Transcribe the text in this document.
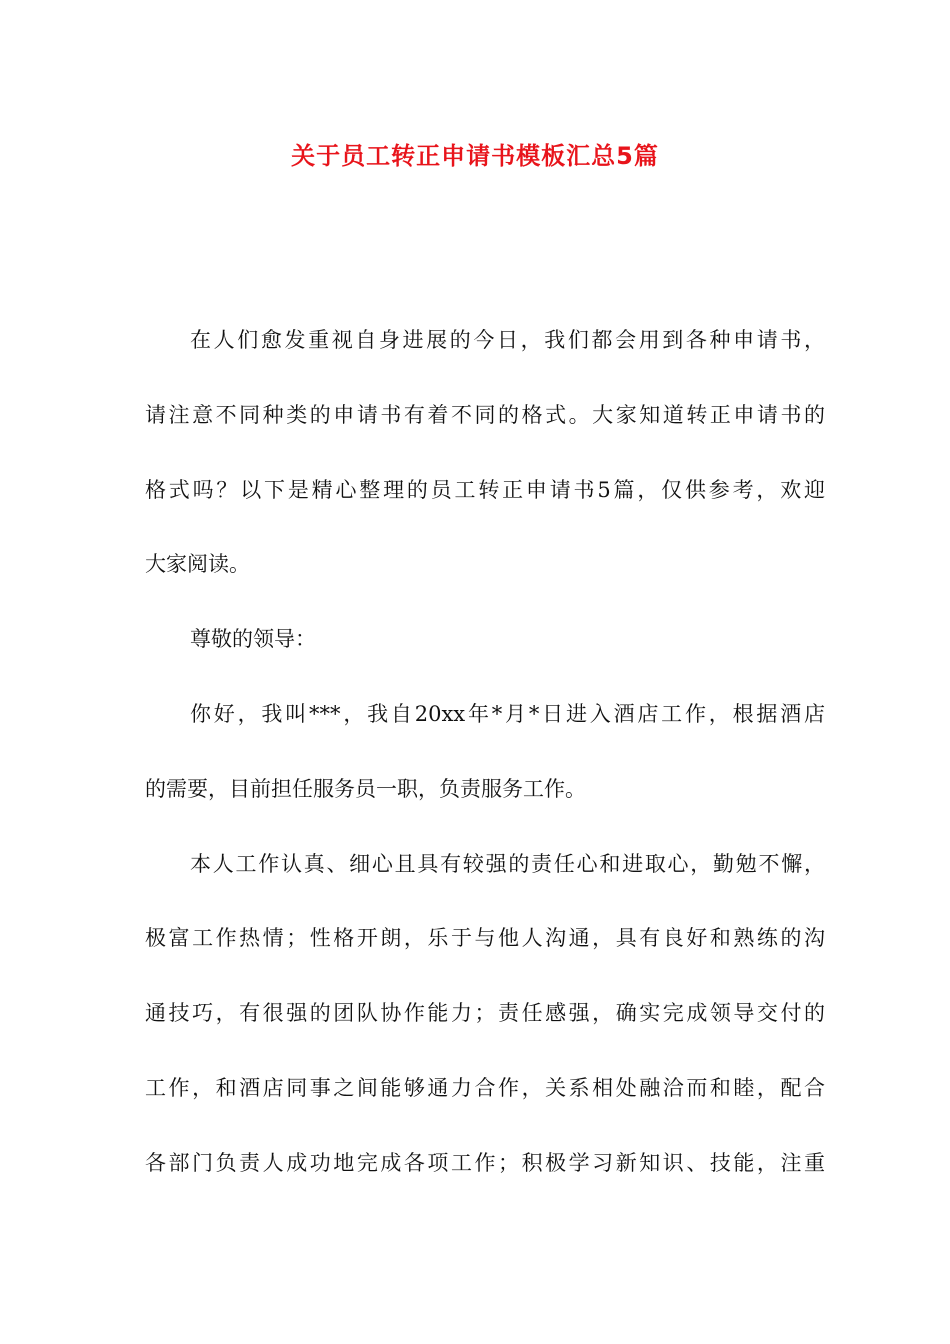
关于员工转正申请书模板汇总5篇
在人们愈发重视自身进展的今日，我们都会用到各种申请书，
请注意不同种类的申请书有着不同的格式。大家知道转正申请书的
格式吗？以下是精心整理的员工转正申请书5篇，仅供参考，欢迎
大家阅读。
尊敬的领导：
你好，我叫***，我自20xx年*月*日进入酒店工作，根据酒店
的需要，目前担任服务员一职，负责服务工作。
本人工作认真、细心且具有较强的责任心和进取心，勤勉不懈，
极富工作热情；性格开朗，乐于与他人沟通，具有良好和熟练的沟
通技巧，有很强的团队协作能力；责任感强，确实完成领导交付的
工作，和酒店同事之间能够通力合作，关系相处融洽而和睦，配合
各部门负责人成功地完成各项工作；积极学习新知识、技能，注重
